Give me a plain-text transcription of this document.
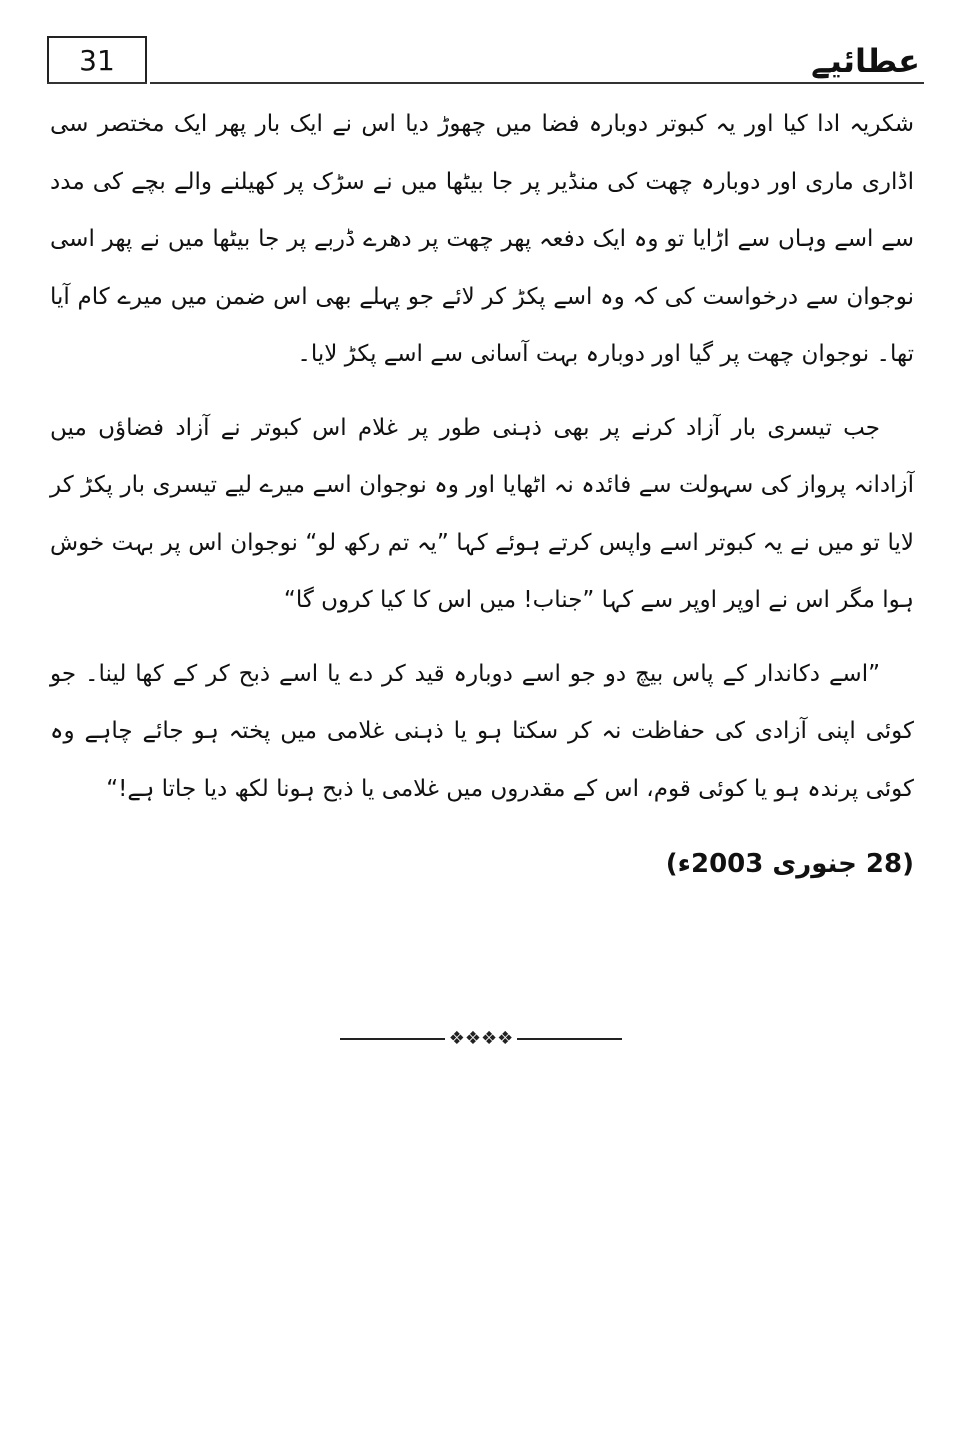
31	عطائیے

شکریہ ادا کیا اور یہ کبوتر دوبارہ فضا میں چھوڑ دیا اس نے ایک بار پھر ایک مختصر سی اڈاری ماری اور دوبارہ چھت کی منڈیر پر جا بیٹھا میں نے سڑک پر کھیلنے والے بچے کی مدد سے اسے وہاں سے اڑایا تو وہ ایک دفعہ پھر چھت پر دھرے ڈربے پر جا بیٹھا میں نے پھر اسی نوجوان سے درخواست کی کہ وہ اسے پکڑ کر لائے جو پہلے بھی اس ضمن میں میرے کام آیا تھا۔ نوجوان چھت پر گیا اور دوبارہ بہت آسانی سے اسے پکڑ لایا۔

جب تیسری بار آزاد کرنے پر بھی ذہنی طور پر غلام اس کبوتر نے آزاد فضاؤں میں آزادانہ پرواز کی سہولت سے فائدہ نہ اٹھایا اور وہ نوجوان اسے میرے لیے تیسری بار پکڑ کر لایا تو میں نے یہ کبوتر اسے واپس کرتے ہوئے کہا ”یہ تم رکھ لو“ نوجوان اس پر بہت خوش ہوا مگر اس نے اوپر اوپر سے کہا ”جناب! میں اس کا کیا کروں گا“

”اسے دکاندار کے پاس بیچ دو جو اسے دوبارہ قید کر دے یا اسے ذبح کر کے کھا لینا۔ جو کوئی اپنی آزادی کی حفاظت نہ کر سکتا ہو یا ذہنی غلامی میں پختہ ہو جائے چاہے وہ کوئی پرندہ ہو یا کوئی قوم، اس کے مقدروں میں غلامی یا ذبح ہونا لکھ دیا جاتا ہے!“

(28 جنوری 2003ء)
❖❖❖❖
